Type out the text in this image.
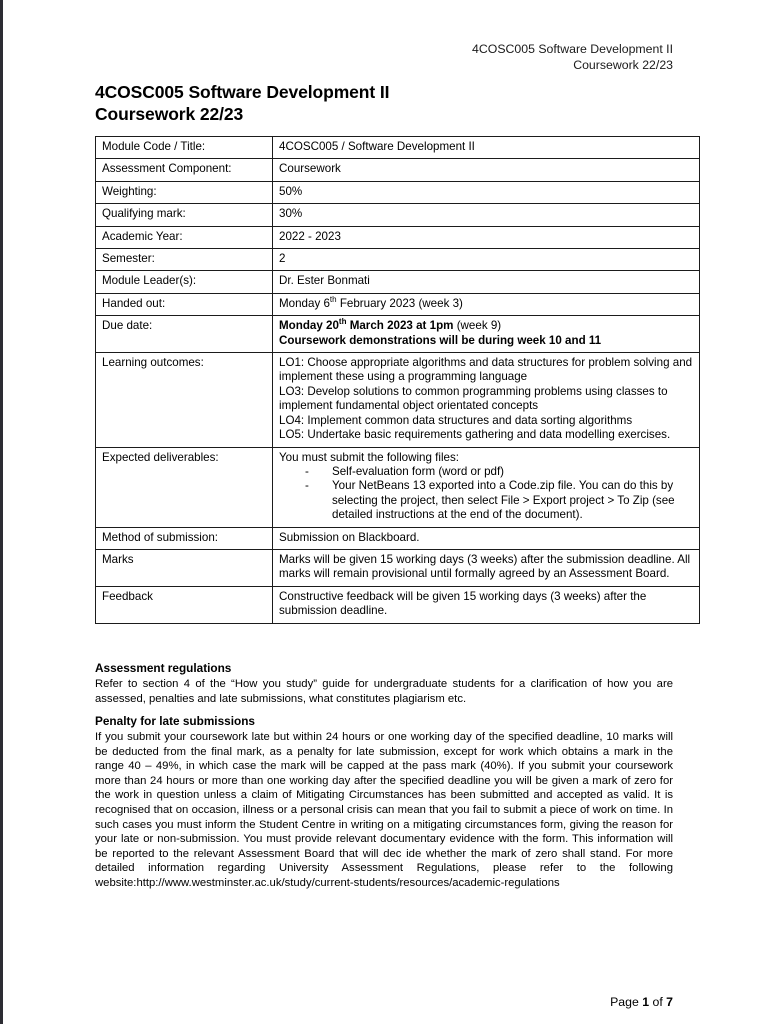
4COSC005 Software Development II
Coursework 22/23
4COSC005 Software Development II
Coursework 22/23
Module Code / Title:	4COSC005 / Software Development II
Assessment Component:	Coursework
Weighting:	50%
Qualifying mark:	30%
Academic Year:	2022 - 2023
Semester:	2
Module Leader(s):	Dr. Ester Bonmati
Handed out:	Monday 6th February 2023 (week 3)
Due date:	Monday 20th March 2023 at 1pm (week 9)
Coursework demonstrations will be during week 10 and 11

Learning outcomes:	LO1: Choose appropriate algorithms and data structures for problem solving and implement these using a programming language
LO3: Develop solutions to common programming problems using classes to implement fundamental object orientated concepts
LO4: Implement common data structures and data sorting algorithms
LO5: Undertake basic requirements gathering and data modelling exercises.

Expected deliverables:	You must submit the following files:
- Self-evaluation form (word or pdf)
- Your NetBeans 13 exported into a Code.zip file. You can do this by selecting the project, then select File > Export project > To Zip (see detailed instructions at the end of the document).

Method of submission:	Submission on Blackboard.
Marks	Marks will be given 15 working days (3 weeks) after the submission deadline. All marks will remain provisional until formally agreed by an Assessment Board.
Feedback	Constructive feedback will be given 15 working days (3 weeks) after the submission deadline.
Assessment regulations

Refer to section 4 of the “How you study” guide for undergraduate students for a clarification of how you are assessed, penalties and late submissions, what constitutes plagiarism etc.

Penalty for late submissions

If you submit your coursework late but within 24 hours or one working day of the specified deadline, 10 marks will be deducted from the final mark, as a penalty for late submission, except for work which obtains a mark in the range 40 – 49%, in which case the mark will be capped at the pass mark (40%). If you submit your coursework more than 24 hours or more than one working day after the specified deadline you will be given a mark of zero for the work in question unless a claim of Mitigating Circumstances has been submitted and accepted as valid. It is recognised that on occasion, illness or a personal crisis can mean that you fail to submit a piece of work on time. In such cases you must inform the Student Centre in writing on a mitigating circumstances form, giving the reason for your late or non-submission. You must provide relevant documentary evidence with the form. This information will be reported to the relevant Assessment Board that will dec ide whether the mark of zero shall stand. For more detailed information regarding University Assessment Regulations, please refer to the following website:http://www.westminster.ac.uk/study/current-students/resources/academic-regulations

Page 1 of 7
